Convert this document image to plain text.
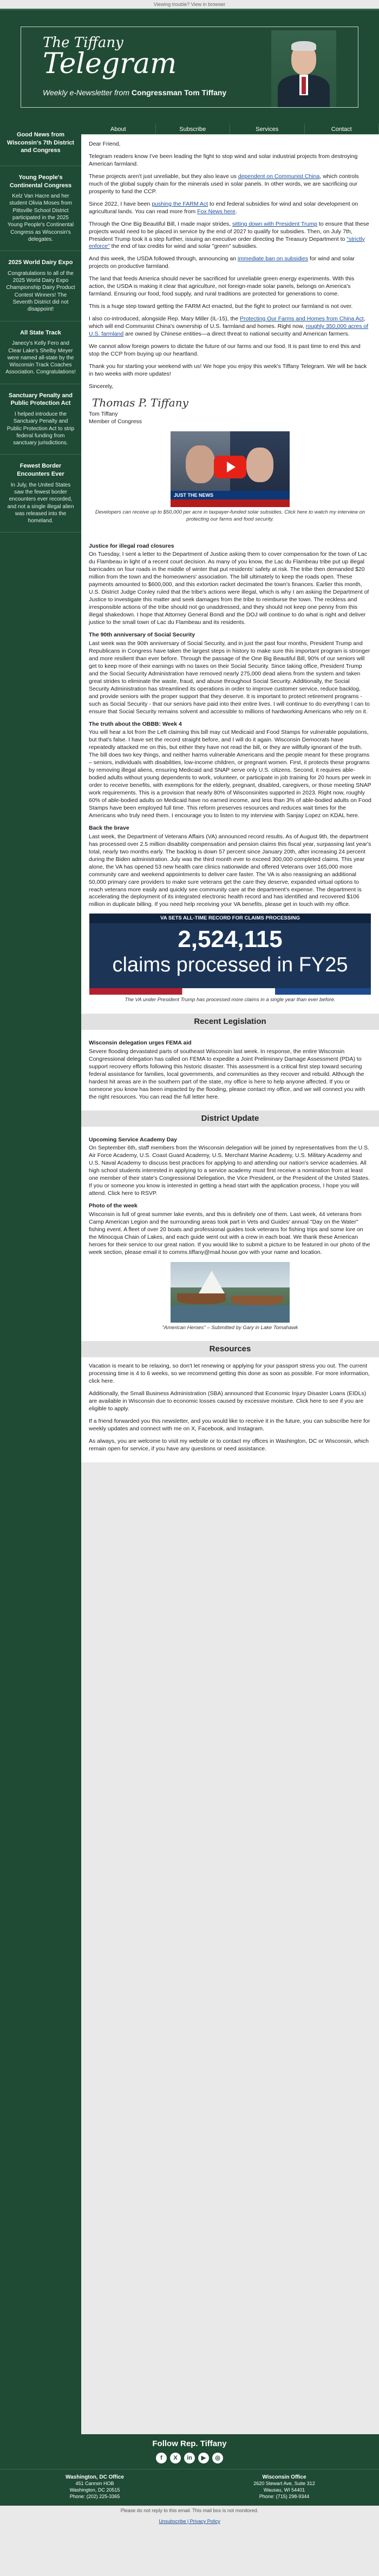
Viewing trouble? View in browser
The Tiffany
Telegram
Weekly e-Newsletter from Congressman Tom Tiffany
Good News from Wisconsin's 7th District and Congress
Young People's Continental Congress

Kelz Van Hacre and her student Olivia Moses from Pittsville School District participated in the 2025 Young People's Continental Congress as Wisconsin's delegates.

2025 World Dairy Expo

Congratulations to all of the 2025 World Dairy Expo Championship Dairy Product Contest Winners! The Seventh District did not disappoint!

All State Track

Janecy's Kelly Fero and Clear Lake's Shelby Meyer were named all-state by the Wisconsin Track Coaches Association. Congratulations!

Sanctuary Penalty and Public Protection Act

I helped introduce the Sanctuary Penalty and Public Protection Act to strip federal funding from sanctuary jurisdictions.

Fewest Border Encounters Ever

In July, the United States saw the fewest border encounters ever recorded, and not a single illegal alien was released into the homeland.

About	Subscribe	Services	Contact

Dear Friend,

Telegram readers know I've been leading the fight to stop wind and solar industrial projects from destroying American farmland.

These projects aren't just unreliable, but they also leave us dependent on Communist China, which controls much of the global supply chain for the minerals used in solar panels. In other words, we are sacrificing our prosperity to fund the CCP.

Since 2022, I have been pushing the FARM Act to end federal subsidies for wind and solar development on agricultural lands. You can read more from Fox News here.

Through the One Big Beautiful Bill, I made major strides, sitting down with President Trump to ensure that these projects would need to be placed in service by the end of 2027 to qualify for subsidies. Then, on July 7th, President Trump took it a step further, issuing an executive order directing the Treasury Department to "strictly enforce" the end of tax credits for wind and solar "green" subsidies.

And this week, the USDA followed through, announcing an immediate ban on subsidies for wind and solar projects on productive farmland.

The land that feeds America should never be sacrificed for unreliable green energy experiments. With this action, the USDA is making it clear that agriculture, not foreign-made solar panels, belongs on America's farmland. Ensuring our food, food supply, and rural traditions are protected for generations to come.

This is a huge step toward getting the FARM Act enacted, but the fight to protect our farmland is not over.

I also co-introduced, alongside Rep. Mary Miller (IL-15), the Protecting Our Farms and Homes from China Act, which will end Communist China's ownership of U.S. farmland and homes. Right now, roughly 350,000 acres of U.S. farmland are owned by Chinese entities—a direct threat to national security and American farmers.

We cannot allow foreign powers to dictate the future of our farms and our food. It is past time to end this and stop the CCP from buying up our heartland.

Thank you for starting your weekend with us! We hope you enjoy this week's Tiffany Telegram. We will be back in two weeks with more updates!

Sincerely,

Thomas P. Tiffany
Tom Tiffany
Member of Congress
JUST THE NEWS
Developers can receive up to $50,000 per acre in taxpayer-funded solar subsidies. Click here to watch my interview on protecting our farms and food security.
Justice for illegal road closures

On Tuesday, I sent a letter to the Department of Justice asking them to cover compensation for the town of Lac du Flambeau in light of a recent court decision. As many of you know, the Lac du Flambeau tribe put up illegal barricades on four roads in the middle of winter that put residents' safety at risk. The tribe then demanded $20 million from the town and the homeowners' association. The bill ultimately to keep the roads open. These payments amounted to $600,000, and this extortion racket decimated the town's finances. Earlier this month, U.S. District Judge Conley ruled that the tribe's actions were illegal, which is why I am asking the Department of Justice to investigate this matter and seek damages from the tribe to reimburse the town. The reckless and irresponsible actions of the tribe should not go unaddressed, and they should not keep one penny from this illegal shakedown. I hope that Attorney General Bondi and the DOJ will continue to do what is right and deliver justice to the small town of Lac du Flambeau and its residents.

The 90th anniversary of Social Security

Last week was the 90th anniversary of Social Security, and in just the past four months, President Trump and Republicans in Congress have taken the largest steps in history to make sure this important program is stronger and more resilient than ever before. Through the passage of the One Big Beautiful Bill, 90% of our seniors will get to keep more of their earnings with no taxes on their Social Security. Since taking office, President Trump and the Social Security Administration have removed nearly 275,000 dead aliens from the system and taken great strides to eliminate the waste, fraud, and abuse throughout Social Security. Additionally, the Social Security Administration has streamlined its operations in order to improve customer service, reduce backlog, and provide seniors with the proper support that they deserve. It is important to protect retirement programs - such as Social Security - that our seniors have paid into their entire lives. I will continue to do everything I can to ensure that Social Security remains solvent and accessible to millions of hardworking Americans who rely on it.

The truth about the OBBB: Week 4

You will hear a lot from the Left claiming this bill may cut Medicaid and Food Stamps for vulnerable populations, but that's false. I have set the record straight before, and I will do it again. Wisconsin Democrats have repeatedly attacked me on this, but either they have not read the bill, or they are willfully ignorant of the truth. The bill does two key things, and neither harms vulnerable Americans and the people meant for these programs – seniors, individuals with disabilities, low-income children, or pregnant women. First, it protects these programs by removing illegal aliens, ensuring Medicaid and SNAP serve only U.S. citizens. Second, it requires able-bodied adults without young dependents to work, volunteer, or participate in job training for 20 hours per week in order to receive benefits, with exemptions for the elderly, pregnant, disabled, caregivers, or those meeting SNAP work requirements. This is a provision that nearly 80% of Wisconsinites supported in 2023. Right now, roughly 60% of able-bodied adults on Medicaid have no earned income, and less than 3% of able-bodied adults on Food Stamps have been employed full time. This reform preserves resources and reduces wait times for the Americans who truly need them. I encourage you to listen to my interview with Sanjay Lopez on KDAL here.

Back the brave

Last week, the Department of Veterans Affairs (VA) announced record results. As of August 9th, the department has processed over 2.5 million disability compensation and pension claims this fiscal year, surpassing last year's total, nearly two months early. The backlog is down 57 percent since January 20th, after increasing 24 percent during the Biden administration. July was the third month ever to exceed 300,000 completed claims. This year alone, the VA has opened 53 new health care clinics nationwide and offered Veterans over 165,000 more community care and weekend appointments to deliver care faster. The VA is also reassigning an additional 50,000 primary care providers to make sure veterans get the care they deserve, expanded virtual options to reach veterans more easily and quickly see community care at the department's expense. The department is accelerating the deployment of its integrated electronic health record and has identified and recovered $106 million in duplicate billing. If you need help receiving your VA benefits, please get in touch with my office.

VA SETS ALL-TIME RECORD FOR CLAIMS PROCESSING
2,524,115
claims processed in FY25
The VA under President Trump has processed more claims in a single year than ever before.
Recent Legislation
Wisconsin delegation urges FEMA aid

Severe flooding devastated parts of southeast Wisconsin last week. In response, the entire Wisconsin Congressional delegation has called on FEMA to expedite a Joint Preliminary Damage Assessment (PDA) to support recovery efforts following this historic disaster. This assessment is a critical first step toward securing federal assistance for families, local governments, and communities as they recover and rebuild. Although the hardest hit areas are in the southern part of the state, my office is here to help anyone affected. If you or someone you know has been impacted by the flooding, please contact my office, and we will connect you with the right resources. You can read the full letter here.

District Update
Upcoming Service Academy Day

On September 6th, staff members from the Wisconsin delegation will be joined by representatives from the U.S. Air Force Academy, U.S. Coast Guard Academy, U.S. Merchant Marine Academy, U.S. Military Academy and U.S. Naval Academy to discuss best practices for applying to and attending our nation's service academies. All high school students interested in applying to a service academy must first receive a nomination from at least one member of their state's Congressional Delegation, the Vice President, or the President of the United States. If you or someone you know is interested in getting a head start with the application process, I hope you will attend. Click here to RSVP.

Photo of the week

Wisconsin is full of great summer lake events, and this is definitely one of them. Last week, 44 veterans from Camp American Legion and the surrounding areas took part in Vets and Guides' annual "Day on the Water" fishing event. A fleet of over 20 boats and professional guides took veterans for fishing trips and some lore on the Minocqua Chain of Lakes, and each guide went out with a crew in each boat. We thank these American heroes for their service to our great nation. If you would like to submit a picture to be featured in our photo of the week section, please email it to comms.tiffany@mail.house.gov with your name and location.

"American Heroes" – Submitted by Gary in Lake Tomahawk
Resources

Vacation is meant to be relaxing, so don't let renewing or applying for your passport stress you out. The current processing time is 4 to 6 weeks, so we recommend getting this done as soon as possible. For more information, click here.

Additionally, the Small Business Administration (SBA) announced that Economic Injury Disaster Loans (EIDLs) are available in Wisconsin due to economic losses caused by excessive moisture. Click here to see if you are eligible to apply.

If a friend forwarded you this newsletter, and you would like to receive it in the future, you can subscribe here for weekly updates and connect with me on X, Facebook, and Instagram.

As always, you are welcome to visit my website or to contact my offices in Washington, DC or Wisconsin, which remain open for service, if you have any questions or need assistance.

Follow Rep. Tiffany
f	X	in	▶	◎
Washington, DC Office
451 Cannon HOB
Washington, DC 20515
Phone: (202) 225-3365
Wisconsin Office
2620 Stewart Ave, Suite 312
Wausau, WI 54401
Phone: (715) 298-9344
Please do not reply to this email. This mail box is not monitored.
Unsubscribe | Privacy Policy
